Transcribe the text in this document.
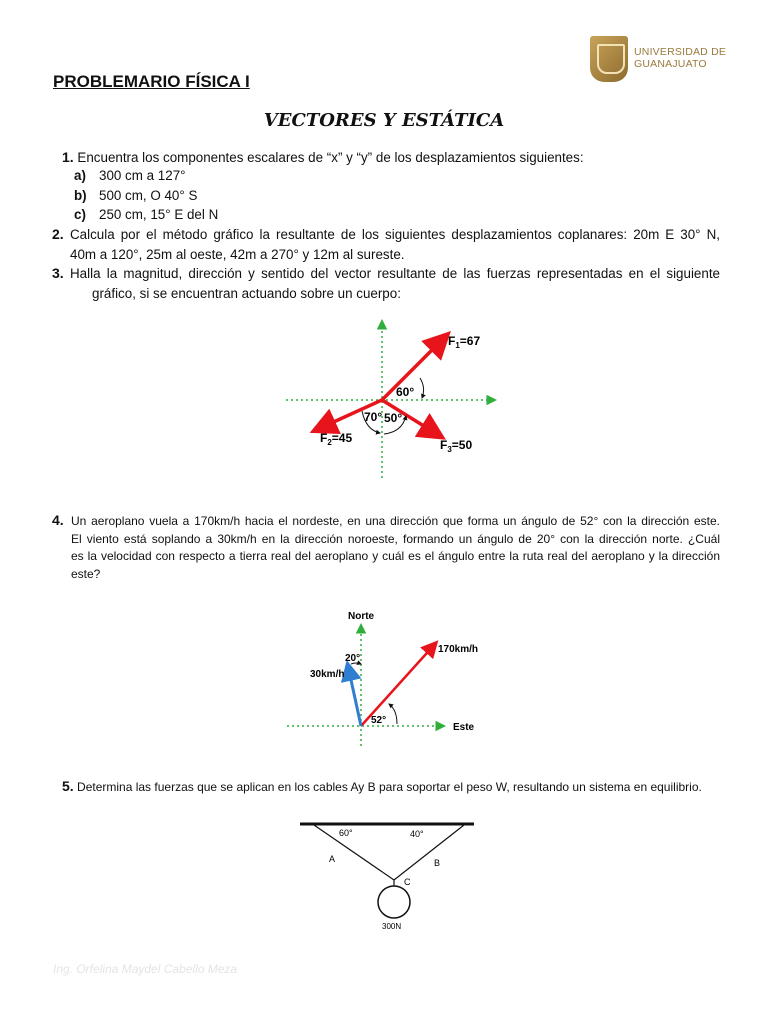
UNIVERSIDAD DE
GUANAJUATO
PROBLEMARIO FÍSICA I
VECTORES Y ESTÁTICA
1. Encuentra los componentes escalares de “x” y “y” de los desplazamientos siguientes:
a) 300 cm a 127°
b) 500 cm, O 40° S
c) 250 cm, 15° E del N
2. Calcula por el método gráfico la resultante de los siguientes desplazamientos coplanares: 20m E 30° N,
40m a 120°, 25m al oeste, 42m a 270° y 12m al sureste.
3. Halla la magnitud, dirección y sentido del vector resultante de las fuerzas representadas en el siguiente
gráfico, si se encuentran actuando sobre un cuerpo:
60°
70° 50°
$F_1=67$
$F_2=45$	$F_3=50$
4. Un aeroplano vuela a 170km/h hacia el nordeste, en una dirección que forma un ángulo de 52° con la dirección este.
El viento está soplando a 30km/h en la dirección noroeste, formando un ángulo de 20° con la dirección norte. ¿Cuál
es la velocidad con respecto a tierra real del aeroplano y cuál es el ángulo entre la ruta real del aeroplano y la dirección
este?
Norte
Este
170km/h
30km/h
20°
52°
5. Determina las fuerzas que se aplican en los cables Ay B para soportar el peso W, resultando un sistema en equilibrio.
60°	40°
A	B
C
300N
Ing. Orfelina Maydel Cabello Meza
